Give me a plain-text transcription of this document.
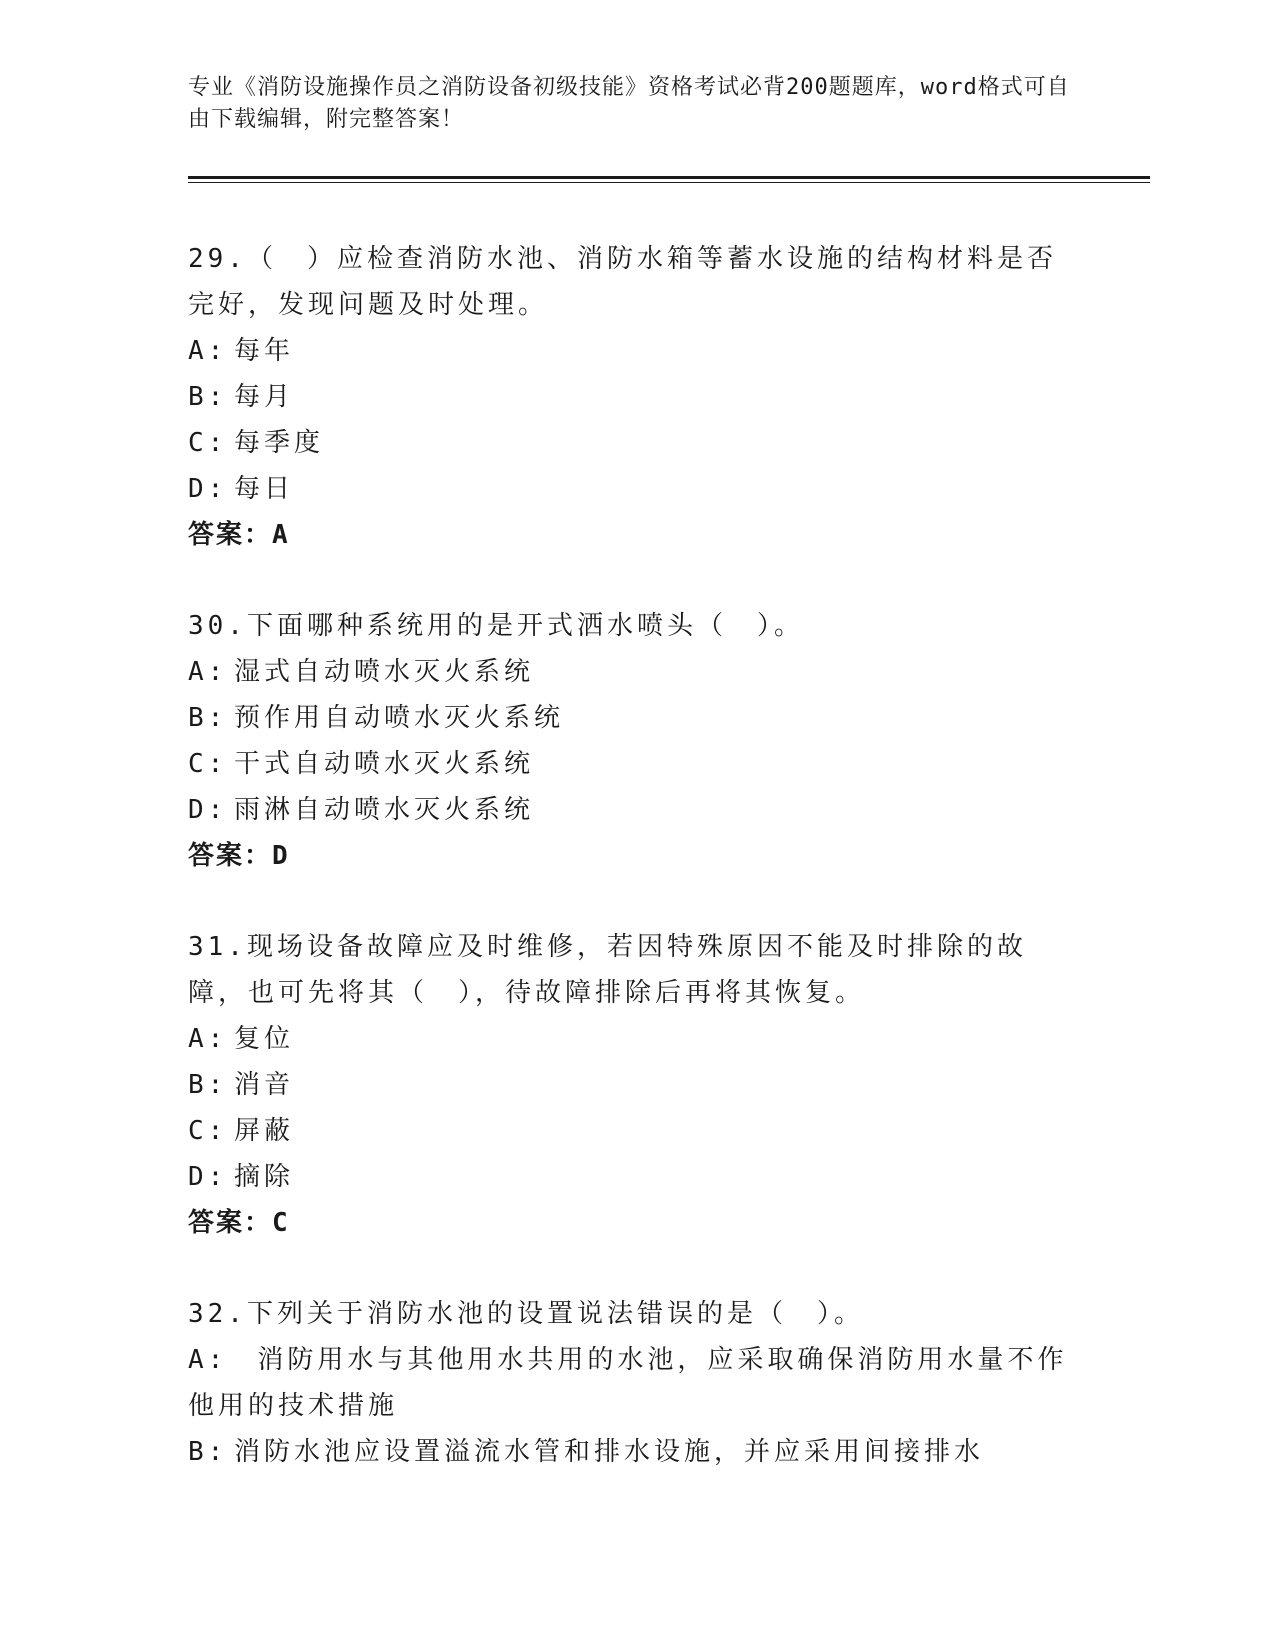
专业《消防设施操作员之消防设备初级技能》资格考试必背200题题库，word格式可自由下载编辑，附完整答案！
29.（　）应检查消防水池、消防水箱等蓄水设施的结构材料是否完好，发现问题及时处理。
A: 每年
B: 每月
C: 每季度
D: 每日
答案：A
30.下面哪种系统用的是开式洒水喷头（　）。
A: 湿式自动喷水灭火系统
B: 预作用自动喷水灭火系统
C: 干式自动喷水灭火系统
D: 雨淋自动喷水灭火系统
答案：D
31.现场设备故障应及时维修，若因特殊原因不能及时排除的故障，也可先将其（　），待故障排除后再将其恢复。
A: 复位
B: 消音
C: 屏蔽
D: 摘除
答案：C
32.下列关于消防水池的设置说法错误的是（　）。
A:　 消防用水与其他用水共用的水池，应采取确保消防用水量不作他用的技术措施
B: 消防水池应设置溢流水管和排水设施，并应采用间接排水
